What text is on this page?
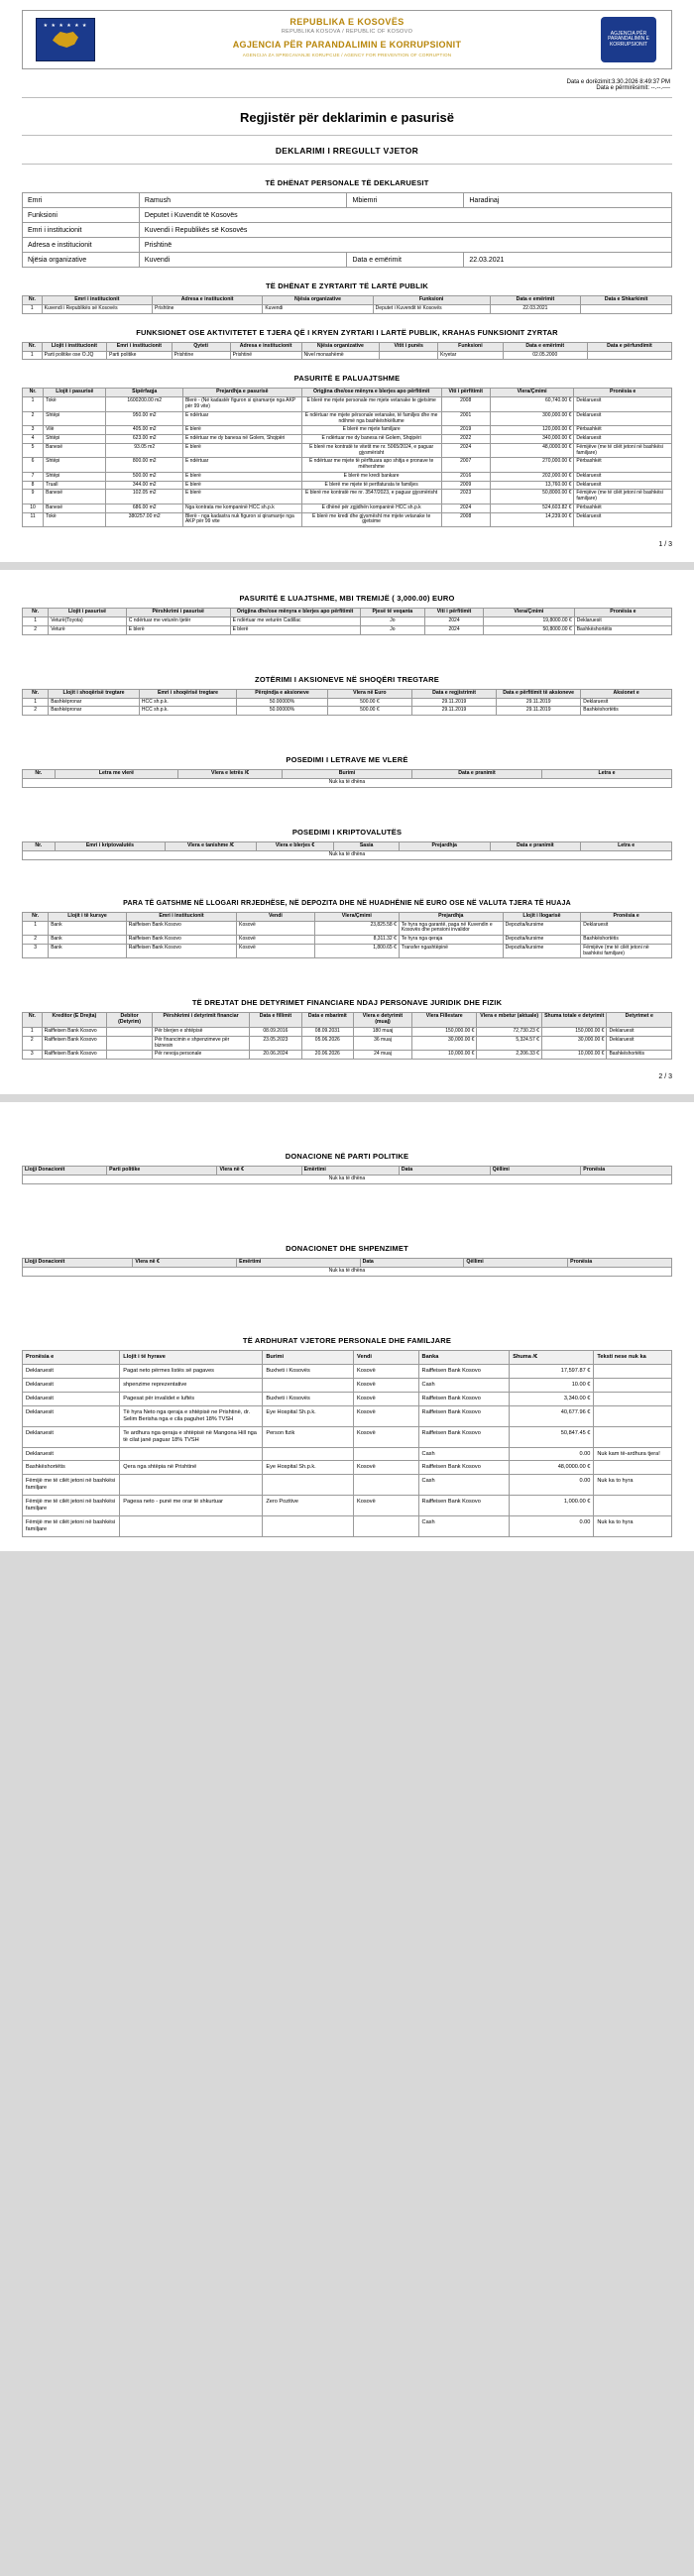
★ ★ ★ ★ ★ ★	REPUBLIKA E KOSOVËS
REPUBLIKA KOSOVA / REPUBLIC OF KOSOVO
AGJENCIA PËR PARANDALIMIN E KORRUPSIONIT
AGENCIJA ZA SPRECAVANJE KORUPCIJE / AGENCY FOR PREVENTION OF CORRUPTION
AGJENCIA PËR PARANDALIMIN E KORRUPSIONIT
Data e dorëzimit:3.30.2026 8:49:37 PM
Data e përmirësimit: --.--.----
Regjistër për deklarimin e pasurisë
DEKLARIMI I RREGULLT VJETOR
TË DHËNAT PERSONALE TË DEKLARUESIT
Emri	Ramush	Mbiemri	Haradinaj
Funksioni	Deputet i Kuvendit të Kosovës		
Emri i institucionit	Kuvendi i Republikës së Kosovës		
Adresa e institucionit	Prishtinë		
Njësia organizative	Kuvendi	Data e emërimit	22.03.2021
TË DHËNAT E ZYRTARIT TË LARTË PUBLIK
Nr.	Emri i institucionit	Adresa e institucionit	Njësia organizative	Funksioni	Data e emërimit	Data e Shkarkimit
1	Kuvendi i Republikës së Kosovës	Prishtine	Kuvendi	Deputet i Kuvendit të Kosovës	22.03.2021	
FUNKSIONET OSE AKTIVITETET E TJERA QË I KRYEN ZYRTARI I LARTË PUBLIK, KRAHAS FUNKSIONIT ZYRTAR
Nr.	Llojit i institucionit	Emri i institucionit	Qyteti	Adresa e institucionit	Njësia organizative	Vitit i punës	Funksioni	Data e emërimit	Data e përfundimit
1	Parti politike ose O.JQ	Parti politike	Prishtine	Prishtinë	Nivel monashëmë		Kryetar	02.05.2000	
PASURITË E PALUAJTSHME
Nr.	Llojit i pasurisë	Sipërfaqja	Prejardhja e pasurisë	Origjina dhe/ose mënyra e blerjes apo përfitimit	Viti i përfitimit	Vlera/Çmimi	Pronësia e
1	Tokë	1600200.00 m2	Blerë - (Në kadastër figuron si qiramarrje nga AKP për 99 vite)	E blerë me mjete personale me mjete vetanake te gjetsime	2008	60,740.00 €	Deklaruesit
2	Shtëpi	950.00 m2	E ndërtuar	E ndërtuar me mjete përsonale vetanake, të familjes dhe me ndihmë nga bashkëshkëllume	2001	300,000.00 €	Deklaruesit
3	Vilë	405.00 m2	E blerë	E blerë me mjete familjare	2019	120,000.00 €	Përbashkët
4	Shtëpi	623.00 m2	E ndërtuar me dy banesa në Golem, Shqipëri	E ndërtuar me dy banesa në Golem, Shqipëri	2022	340,000.00 €	Deklaruesit
5	Banesë	93.05 m2	E blerë	E blerë me kontratë te vitetit me nr. 5065/2024, e paguar gjysmërisht	2024	48,0000.00 €	Fëmijëve (me të cilët jetoni në bashkësi familjare)
6	Shtëpi	800.00 m2	E ndërtuar	E ndërtuar me mjete të përfituara apo shitja e pronave te mëhershme	2007	270,000.00 €	Përbashkët
7	Shtëpi	500.00 m2	E blerë	E blerë me kredi bankare	2016	202,000.00 €	Deklaruesit
8	Truall	344.00 m2	E blerë	E blerë me mjete të pertfaturata te familjes	2009	13,760.00 €	Deklaruesit
9	Banesë	102.05 m2	E blerë	E blerë me kontratë me nr. 3547/2023, e paguar gjysmërisht	2023	50,8000.00 €	Fëmijëve (me të cilët jetoni në bashkësi familjare)
10	Banesë	686.00 m2	Nga kontrata me kompaninë HCC sh.p.k	E dhënë për zgjidhën kompaninë HCC sh.p.k	2024	524,603.82 €	Përbashkët
11	Tokë	380257.00 m2	Blerë - nga kadastra nuk figuron si qiramarrje nga AKP për 99 vite	E blerë me kredi dhe gjysmësht me mjete vetanake te gjetsime	2008	14,239.00 €	Deklaruesit
1 / 3
PASURITË E LUAJTSHME, MBI TREMIJË ( 3,000.00) EURO
Nr.	Llojit i pasurisë	Përshkrimi i pasurisë	Origjina dhe/ose mënyra e blerjes apo përfitimit	Pjesë të veqanta	Viti i përfitimit	Vlera/Çmimi	Pronësia e
1	Veturë(Toyota)	C ndërtuar me veturën tjetër	E ndërtuar me veturën Cadillac	Jo	2024	19,8000.00 €	Deklaruesit
2	Veturë	E blerë	E blerë	Jo	2024	50,8000.00 €	Bashkëshortëtis
ZOTËRIMI I AKSIONEVE NË SHOQËRI TREGTARE
Nr.	Llojit i shoqërisë tregtare	Emri i shoqërisë tregtare	Përqindja e aksioneve	Vlera në Euro	Data e regjistrimit	Data e përfitimit të aksioneve	Aksionet e
1	Bashkëpronar	HCC sh.p.k.	50.00000%	500.00 €	29.11.2019	29.11.2019	Deklaruesit
2	Bashkëpronar	HCC sh.p.k.	50.00000%	500.00 €	29.11.2019	29.11.2019	Bashkëshortëtis
POSEDIMI I LETRAVE ME VLERË
Nr.	Letra me vlerë	Vlera e letrës /€	Burimi	Data e pranimit	Letra e
Nuk ka të dhëna
POSEDIMI I KRIPTOVALUTËS
Nr.	Emri i kriptovalutës	Vlera e tanishme /€	Vlera e blerjes €	Sasia	Prejardhja	Data e pranimit	Letra e
Nuk ka të dhëna
PARA TË GATSHME NË LLOGARI RRJEDHËSE, NË DEPOZITA DHE NË HUADHËNIE NË EURO OSE NË VALUTA TJERA TË HUAJA
Nr.	Llojit i të kursye	Emri i institucionit	Vendi	Vlera/Çmimi	Prejardhja	Llojit i llogarisë	Pronësia e
1	Bank	Raiffeisen Bank Kosovo	Kosovë	23,825.58 €	Te hyra nga garantë, paga në Kuvendin e Kosovës dhe pensioni invalidor	Depozita/kursime	Deklaruesit
2	Bank	Raiffeisen Bank Kosovo	Kosovë	8,311.32 €	Te hyra nga qeraja	Depozita/kursime	Bashkëshortëtis
3	Bank	Raiffeisen Bank Kosovo	Kosovë	1,800.65 €	Transfer ngashtëpinë	Depozita/kursime	Fëmijëve (me të cilët jetoni në bashkësi familjare)
TË DREJTAT DHE DETYRIMET FINANCIARE NDAJ PERSONAVE JURIDIK DHE FIZIK
Nr.	Kreditor (E Drejta)	Debitor (Detyrim)	Përshkrimi i detyrimit financiar	Data e fillimit	Data e mbarimit	Vlera e detyrimit (muaj)	Vlera Fillestare	Vlera e mbetur (aktuale)	Shuma totale e detyrimit	Detyrimet e
1	Raiffeisen Bank Kosovo		Për blerjen e shtëpisë	08.09.2016	08.09.2031	180 muaj	150,000.00 €	72,730.23 €	150,000.00 €	Deklaruesit
2	Raiffeisen Bank Kosovo		Për financimin e shpenzimeve për biznesin	23.05.2023	05.06.2026	36 muaj	30,000.00 €	5,324.57 €	30,000.00 €	Deklaruesit
3	Raiffeisen Bank Kosovo		Për nevoja personale	20.06.2024	20.06.2026	24 muaj	10,000.00 €	2,206.33 €	10,000.00 €	Bashkëshortëtis
2 / 3
DONACIONE NË PARTI POLITIKE
Llojji Donacionit	Parti politike	Vlera në €	Emërtimi	Data	Qëllimi	Pronësia
Nuk ka të dhëna
DONACIONET DHE SHPENZIMET
Llojji Donacionit	Vlera në €	Emërtimi	Data	Qëllimi	Pronësia
Nuk ka të dhëna
TË ARDHURAT VJETORE PERSONALE DHE FAMILJARE
Pronësia e	Llojit i të hyrave	Burimi	Vendi	Banka	Shuma /€	Teksti nese nuk ka
Deklaruesit	Pagat neto përmes listës së pagaves	Buxheti i Kosovës	Kosovë	Raiffeisen Bank Kosovo	17,597.87 €	
Deklaruesit	shpenzime reprezentative		Kosovë	Cash	10.00 €	
Deklaruesit	Pagesat për invalidet e luftës	Buxheti i Kosovës	Kosovë	Raiffeisen Bank Kosovo	3,340.00 €	
Deklaruesit	Të hyra Neto nga qeraja e shtëpisë ne Prishtinë, dr. Selim Berisha nga e cila paguhet 18% TVSH	Eye Hospital Sh.p.k.	Kosovë	Raiffeisen Bank Kosovo	40,677.96 €	
Deklaruesit	Te ardhura nga qeraja e shtëpisë në Mangona Hill nga të cilat janë paguar 18% TVSH	Person fizik	Kosovë	Raiffeisen Bank Kosovo	50,847.45 €	
Deklaruesit				Cash	0.00	Nuk kam të-ardhura tjera!
Bashkëshortëtis	Qera nga shtëpia në Prishtinë	Eye Hospital Sh.p.k.	Kosovë	Raiffeisen Bank Kosovo	48,0000.00 €	
Fëmijë me të cilët jetoni në bashkësi familjare				Cash	0.00	Nuk ka to hyra
Fëmijë me të cilët jetoni në bashkësi familjare	Pagesa neto - punë me orar të shkurtuar	Zero Pozitive	Kosovë	Raiffeisen Bank Kosovo	1,000.00 €	
Fëmijë me të cilët jetoni në bashkësi familjare				Cash	0.00	Nuk ka to hyra
